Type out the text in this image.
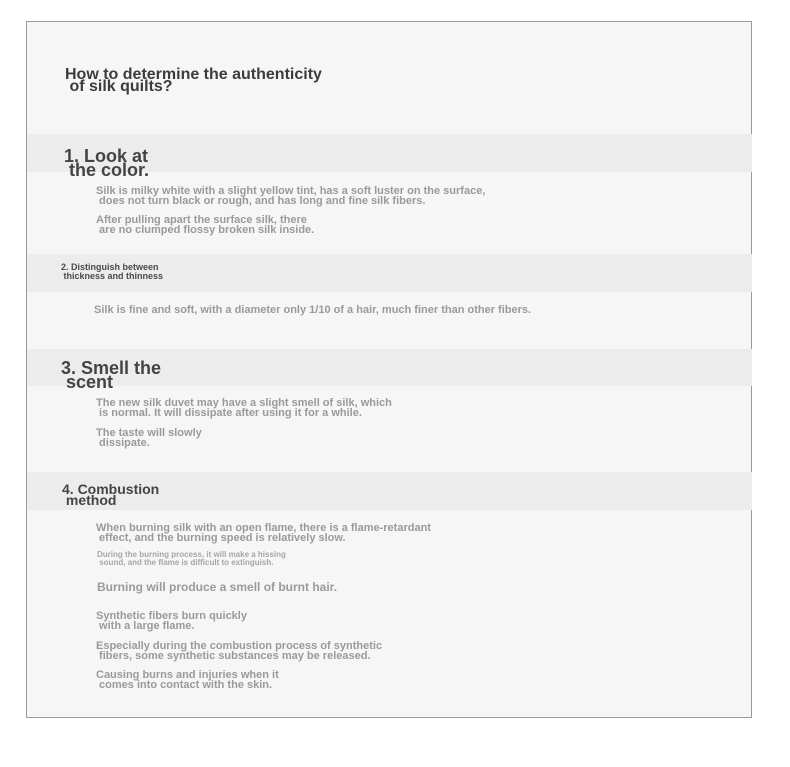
How to determine the authenticity
of silk quilts?

1. Look at
the color.

Silk is milky white with a slight yellow tint, has a soft luster on the surface,
does not turn black or rough, and has long and fine silk fibers.

After pulling apart the surface silk, there
are no clumped flossy broken silk inside.

2. Distinguish between
thickness and thinness

Silk is fine and soft, with a diameter only 1/10 of a hair, much finer than other fibers.

3. Smell the
scent

The new silk duvet may have a slight smell of silk, which
is normal. It will dissipate after using it for a while.

The taste will slowly
dissipate.

4. Combustion
method

When burning silk with an open flame, there is a flame-retardant
effect, and the burning speed is relatively slow.

During the burning process, it will make a hissing
sound, and the flame is difficult to extinguish.

Burning will produce a smell of burnt hair.

Synthetic fibers burn quickly
with a large flame.

Especially during the combustion process of synthetic
fibers, some synthetic substances may be released.

Causing burns and injuries when it
comes into contact with the skin.
